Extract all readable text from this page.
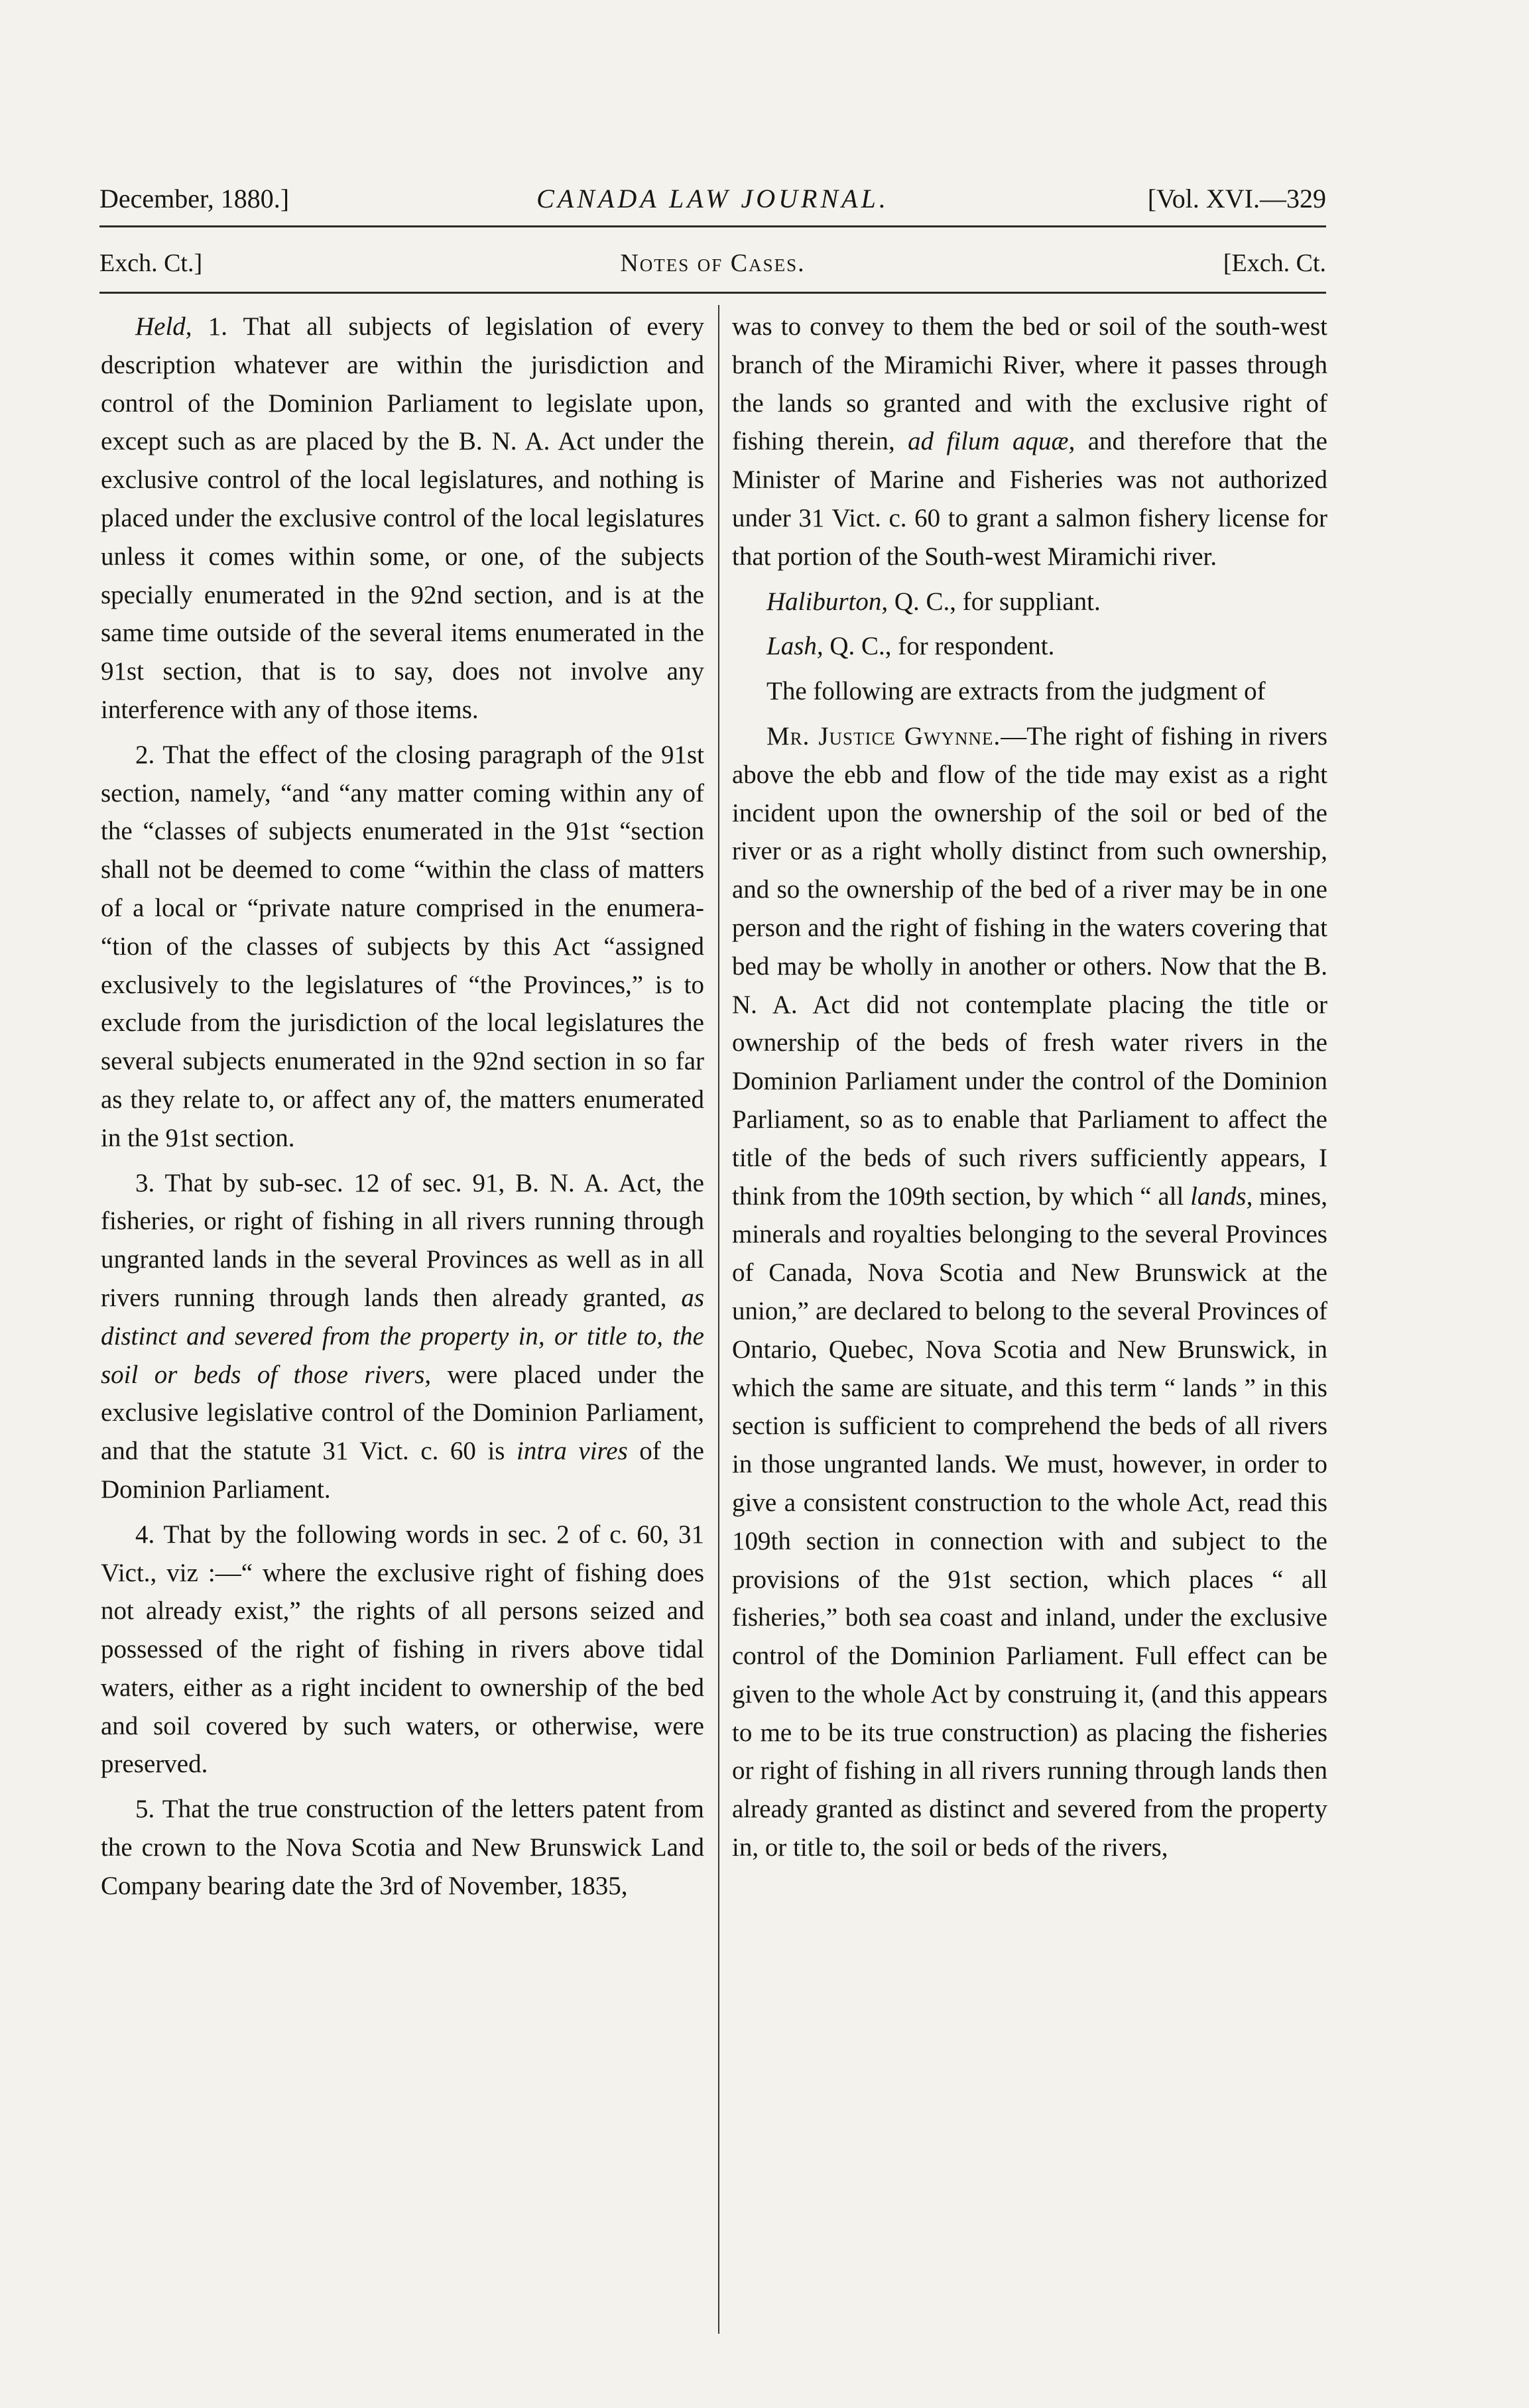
December, 1880.]	CANADA LAW JOURNAL.	[Vol. XVI.—329
Exch. Ct.]	Notes of Cases.	[Exch. Ct.

Held, 1. That all subjects of legislation of every description whatever are within the jurisdiction and control of the Dominion Parliament to legislate upon, except such as are placed by the B. N. A. Act under the exclusive control of the local legislatures, and nothing is placed under the exclusive control of the local legislatures unless it comes within some, or one, of the subjects specially enumerated in the 92nd section, and is at the same time outside of the several items enumerated in the 91st section, that is to say, does not involve any interference with any of those items.

2. That the effect of the closing paragraph of the 91st section, namely, “and “any matter coming within any of the “classes of subjects enumerated in the 91st “section shall not be deemed to come “within the class of matters of a local or “private nature comprised in the enumera- “tion of the classes of subjects by this Act “assigned exclusively to the legislatures of “the Provinces,” is to exclude from the jurisdiction of the local legislatures the several subjects enumerated in the 92nd section in so far as they relate to, or affect any of, the matters enumerated in the 91st section.

3. That by sub-sec. 12 of sec. 91, B. N. A. Act, the fisheries, or right of fishing in all rivers running through ungranted lands in the several Provinces as well as in all rivers running through lands then already granted, as distinct and severed from the property in, or title to, the soil or beds of those rivers, were placed under the exclusive legislative control of the Dominion Parliament, and that the statute 31 Vict. c. 60 is intra vires of the Dominion Parliament.

4. That by the following words in sec. 2 of c. 60, 31 Vict., viz :—“ where the exclusive right of fishing does not already exist,” the rights of all persons seized and possessed of the right of fishing in rivers above tidal waters, either as a right incident to ownership of the bed and soil covered by such waters, or otherwise, were preserved.

5. That the true construction of the letters patent from the crown to the Nova Scotia and New Brunswick Land Company bearing date the 3rd of November, 1835,

was to convey to them the bed or soil of the south-west branch of the Miramichi River, where it passes through the lands so granted and with the exclusive right of fishing therein, ad filum aquæ, and therefore that the Minister of Marine and Fisheries was not authorized under 31 Vict. c. 60 to grant a salmon fishery license for that portion of the South-west Miramichi river.

Haliburton, Q. C., for suppliant.

Lash, Q. C., for respondent.

The following are extracts from the judgment of

Mr. Justice Gwynne.—The right of fishing in rivers above the ebb and flow of the tide may exist as a right incident upon the ownership of the soil or bed of the river or as a right wholly distinct from such ownership, and so the ownership of the bed of a river may be in one person and the right of fishing in the waters covering that bed may be wholly in another or others. Now that the B. N. A. Act did not contemplate placing the title or ownership of the beds of fresh water rivers in the Dominion Parliament under the control of the Dominion Parliament, so as to enable that Parliament to affect the title of the beds of such rivers sufficiently appears, I think from the 109th section, by which “ all lands, mines, minerals and royalties belonging to the several Provinces of Canada, Nova Scotia and New Brunswick at the union,” are declared to belong to the several Provinces of Ontario, Quebec, Nova Scotia and New Brunswick, in which the same are situate, and this term “ lands ” in this section is sufficient to comprehend the beds of all rivers in those ungranted lands. We must, however, in order to give a consistent construction to the whole Act, read this 109th section in connection with and subject to the provisions of the 91st section, which places “ all fisheries,” both sea coast and inland, under the exclusive control of the Dominion Parliament. Full effect can be given to the whole Act by construing it, (and this appears to me to be its true construction) as placing the fisheries or right of fishing in all rivers running through lands then already granted as distinct and severed from the property in, or title to, the soil or beds of the rivers,
